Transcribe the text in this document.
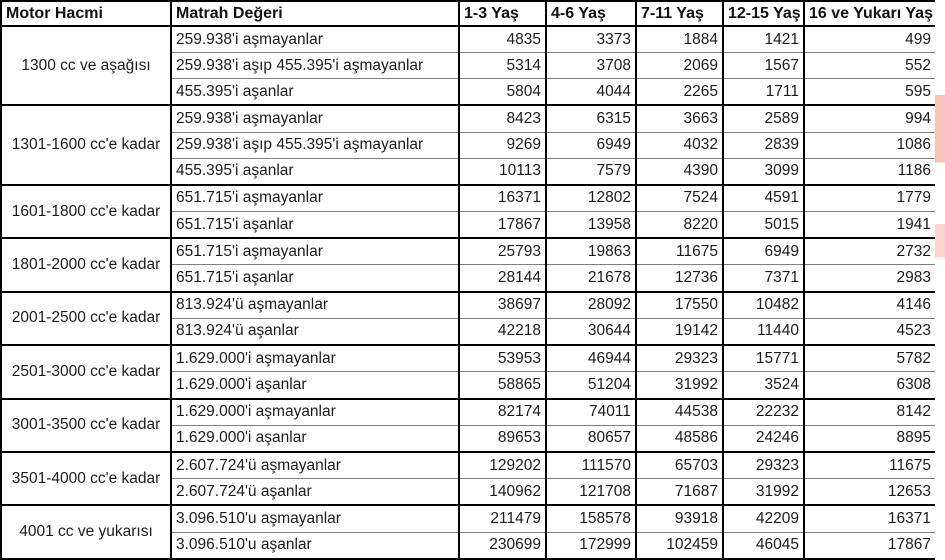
Motor Hacmi	Matrah Değeri	1-3 Yaş	4-6 Yaş	7-11 Yaş	12-15 Yaş	16 ve Yukarı Yaş
1300 cc ve aşağısı	259.938'i aşmayanlar	4835	3373	1884	1421	499
	259.938'i aşıp 455.395'i aşmayanlar	5314	3708	2069	1567	552
	455.395'i aşanlar	5804	4044	2265	1711	595
1301-1600 cc'e kadar	259.938'i aşmayanlar	8423	6315	3663	2589	994
	259.938'i aşıp 455.395'i aşmayanlar	9269	6949	4032	2839	1086
	455.395'i aşanlar	10113	7579	4390	3099	1186
1601-1800 cc'e kadar	651.715'i aşmayanlar	16371	12802	7524	4591	1779
	651.715'i aşanlar	17867	13958	8220	5015	1941
1801-2000 cc'e kadar	651.715'i aşmayanlar	25793	19863	11675	6949	2732
	651.715'i aşanlar	28144	21678	12736	7371	2983
2001-2500 cc'e kadar	813.924'ü aşmayanlar	38697	28092	17550	10482	4146
	813.924'ü aşanlar	42218	30644	19142	11440	4523
2501-3000 cc'e kadar	1.629.000'i aşmayanlar	53953	46944	29323	15771	5782
	1.629.000'i aşanlar	58865	51204	31992	3524	6308
3001-3500 cc'e kadar	1.629.000'i aşmayanlar	82174	74011	44538	22232	8142
	1.629.000'i aşanlar	89653	80657	48586	24246	8895
3501-4000 cc'e kadar	2.607.724'ü aşmayanlar	129202	111570	65703	29323	11675
	2.607.724'ü aşanlar	140962	121708	71687	31992	12653
4001 cc ve yukarısı	3.096.510'u aşmayanlar	211479	158578	93918	42209	16371
	3.096.510'u aşanlar	230699	172999	102459	46045	17867
